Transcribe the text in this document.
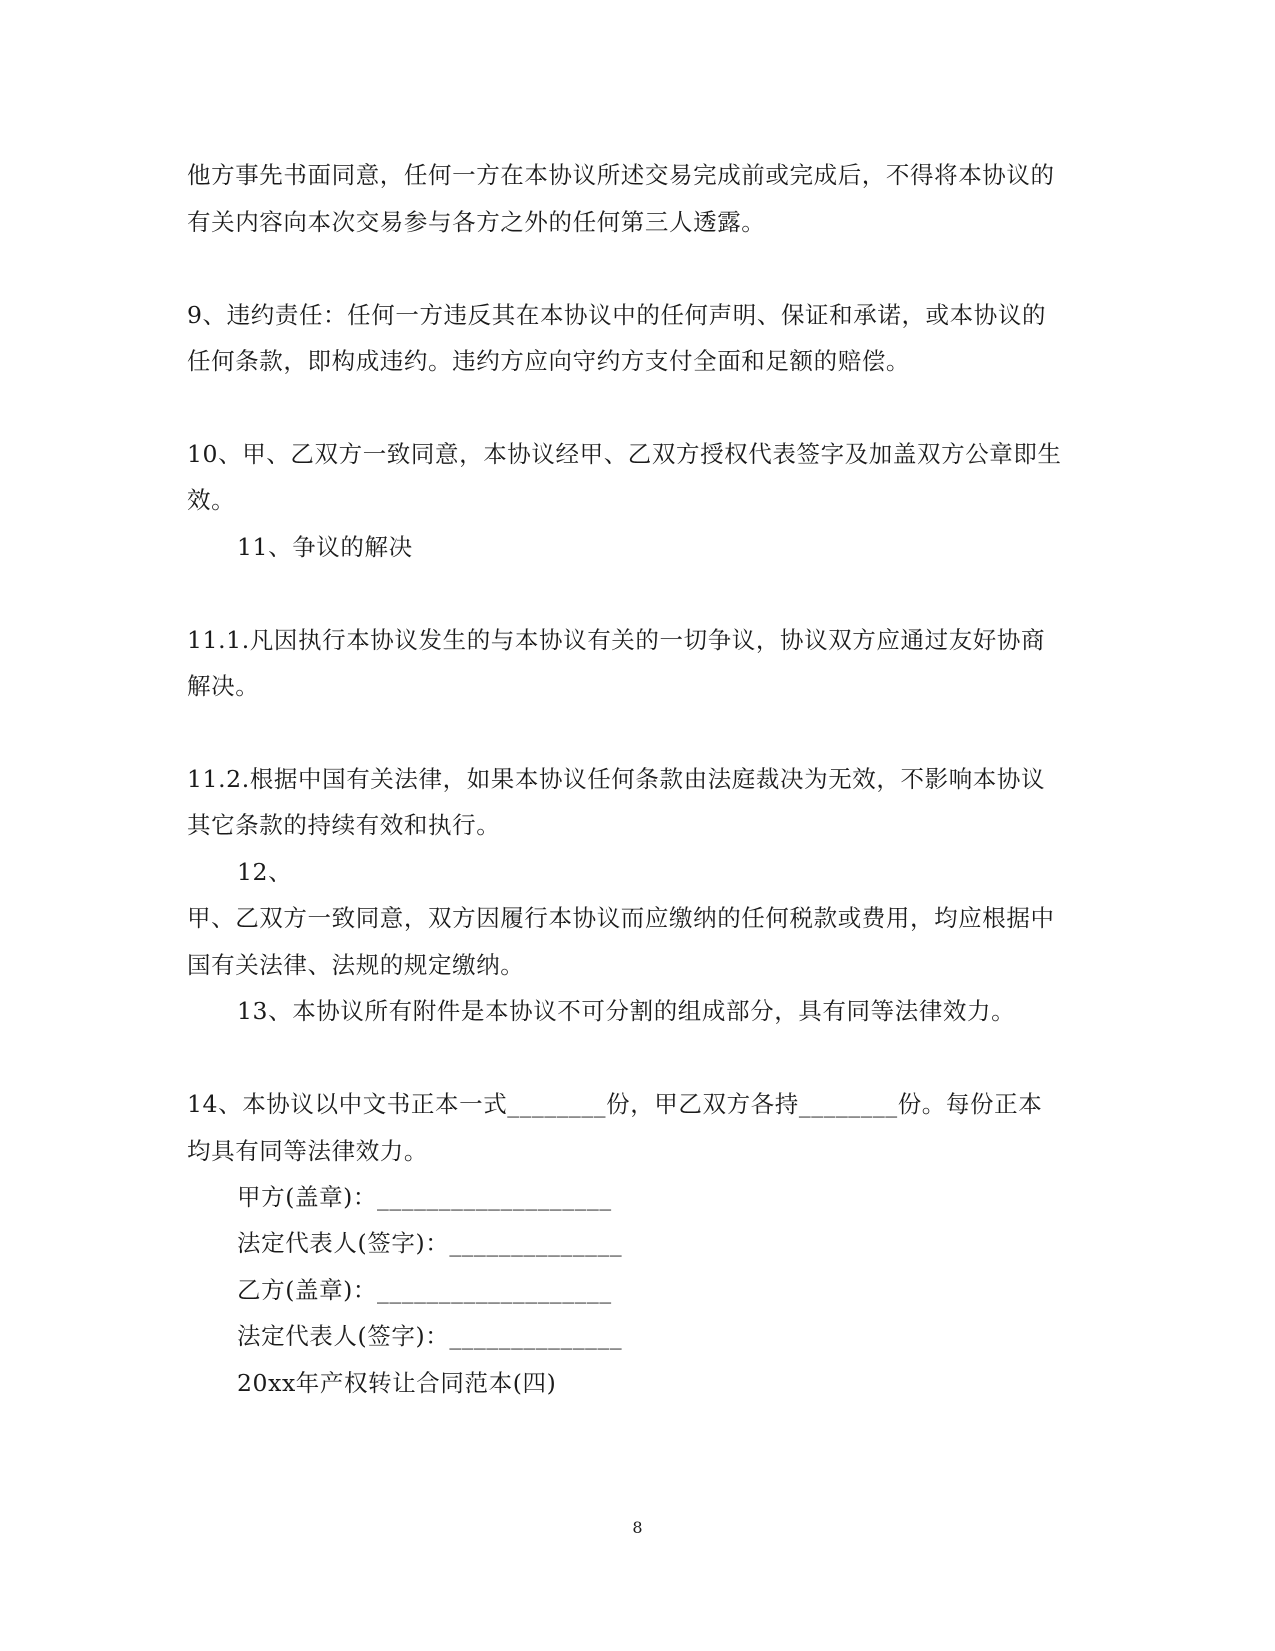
他方事先书面同意，任何一方在本协议所述交易完成前或完成后，不得将本协议的
有关内容向本次交易参与各方之外的任何第三人透露。
9、违约责任：任何一方违反其在本协议中的任何声明、保证和承诺，或本协议的
任何条款，即构成违约。违约方应向守约方支付全面和足额的赔偿。
10、甲、乙双方一致同意，本协议经甲、乙双方授权代表签字及加盖双方公章即生
效。
11、争议的解决
11.1.凡因执行本协议发生的与本协议有关的一切争议，协议双方应通过友好协商
解决。
11.2.根据中国有关法律，如果本协议任何条款由法庭裁决为无效，不影响本协议
其它条款的持续有效和执行。
12、
甲、乙双方一致同意，双方因履行本协议而应缴纳的任何税款或费用，均应根据中
国有关法律、法规的规定缴纳。
13、本协议所有附件是本协议不可分割的组成部分，具有同等法律效力。
14、本协议以中文书正本一式________份，甲乙双方各持________份。每份正本
均具有同等法律效力。
甲方(盖章)：___________________
法定代表人(签字)：______________
乙方(盖章)：___________________
法定代表人(签字)：______________
20xx年产权转让合同范本(四)
8
